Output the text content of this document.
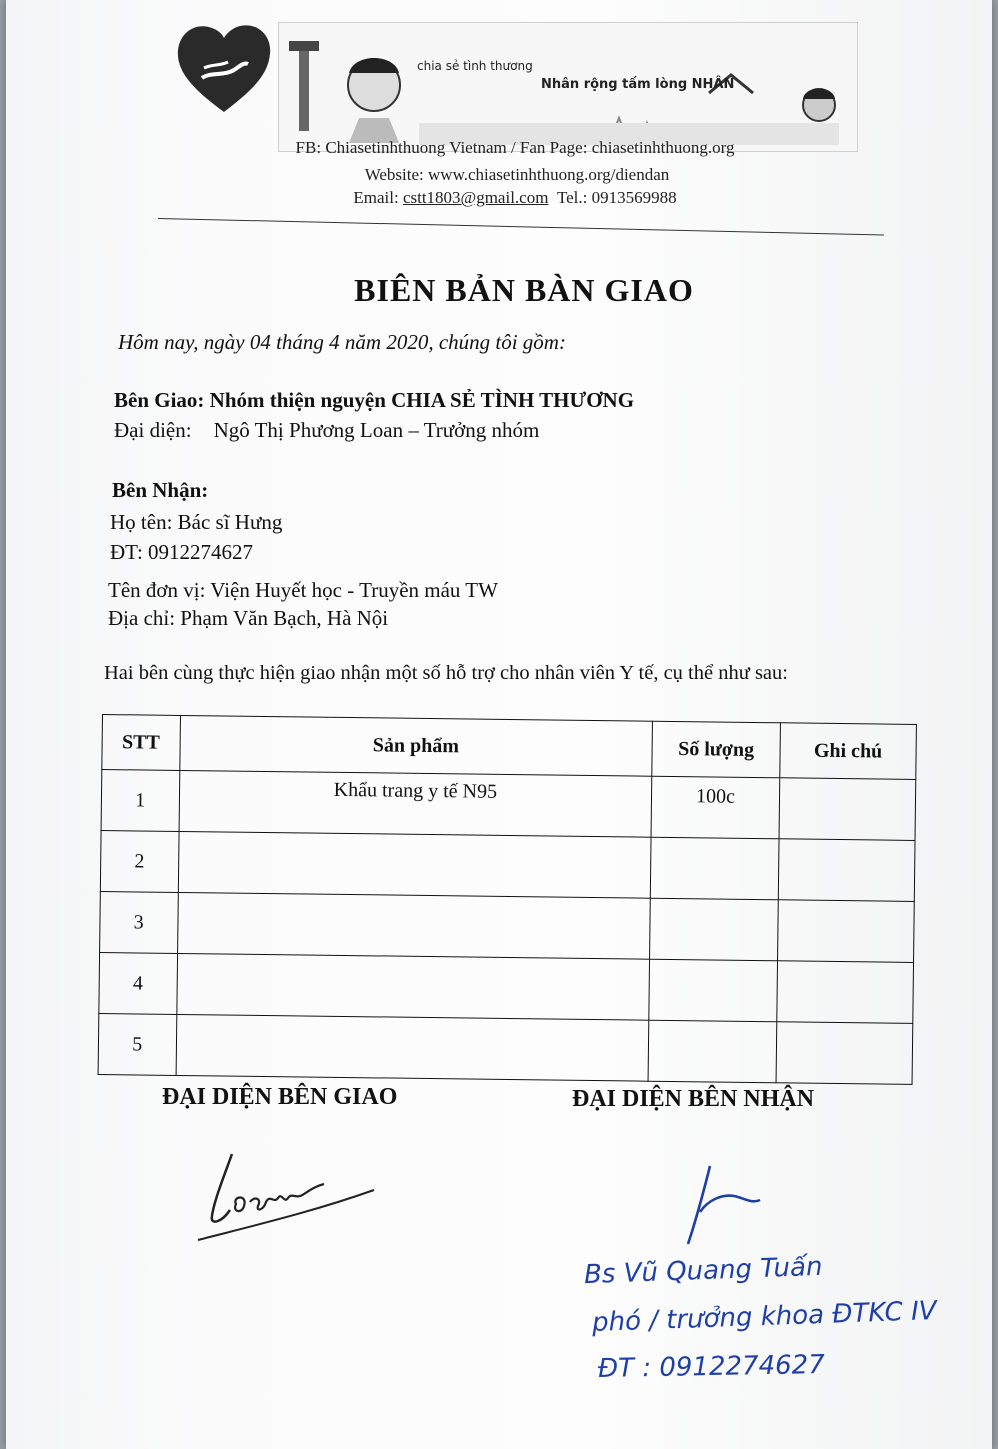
chia sẻ tình thương
Nhân rộng tấm lòng NHÂN
FB: Chiasetinhthuong Vietnam / Fan Page: chiasetinhthuong.org
Website: www.chiasetinhthuong.org/diendan
Email: cstt1803@gmail.com Tel.: 0913569988
BIÊN BẢN BÀN GIAO
Hôm nay, ngày 04 tháng 4 năm 2020, chúng tôi gồm:
Bên Giao: Nhóm thiện nguyện CHIA SẺ TÌNH THƯƠNG
Đại diện: Ngô Thị Phương Loan – Trưởng nhóm
Bên Nhận:
Họ tên: Bác sĩ Hưng
ĐT: 0912274627
Tên đơn vị: Viện Huyết học - Truyền máu TW
Địa chỉ: Phạm Văn Bạch, Hà Nội
Hai bên cùng thực hiện giao nhận một số hỗ trợ cho nhân viên Y tế, cụ thể như sau:
STT	Sản phẩm	Số lượng	Ghi chú
1	Khẩu trang y tế N95	100c	
2			
3			
4			
5			
ĐẠI DIỆN BÊN GIAO	ĐẠI DIỆN BÊN NHẬN
Bs Vũ Quang Tuấn
phó / trưởng khoa ĐTKC IV
ĐT : 0912274627
